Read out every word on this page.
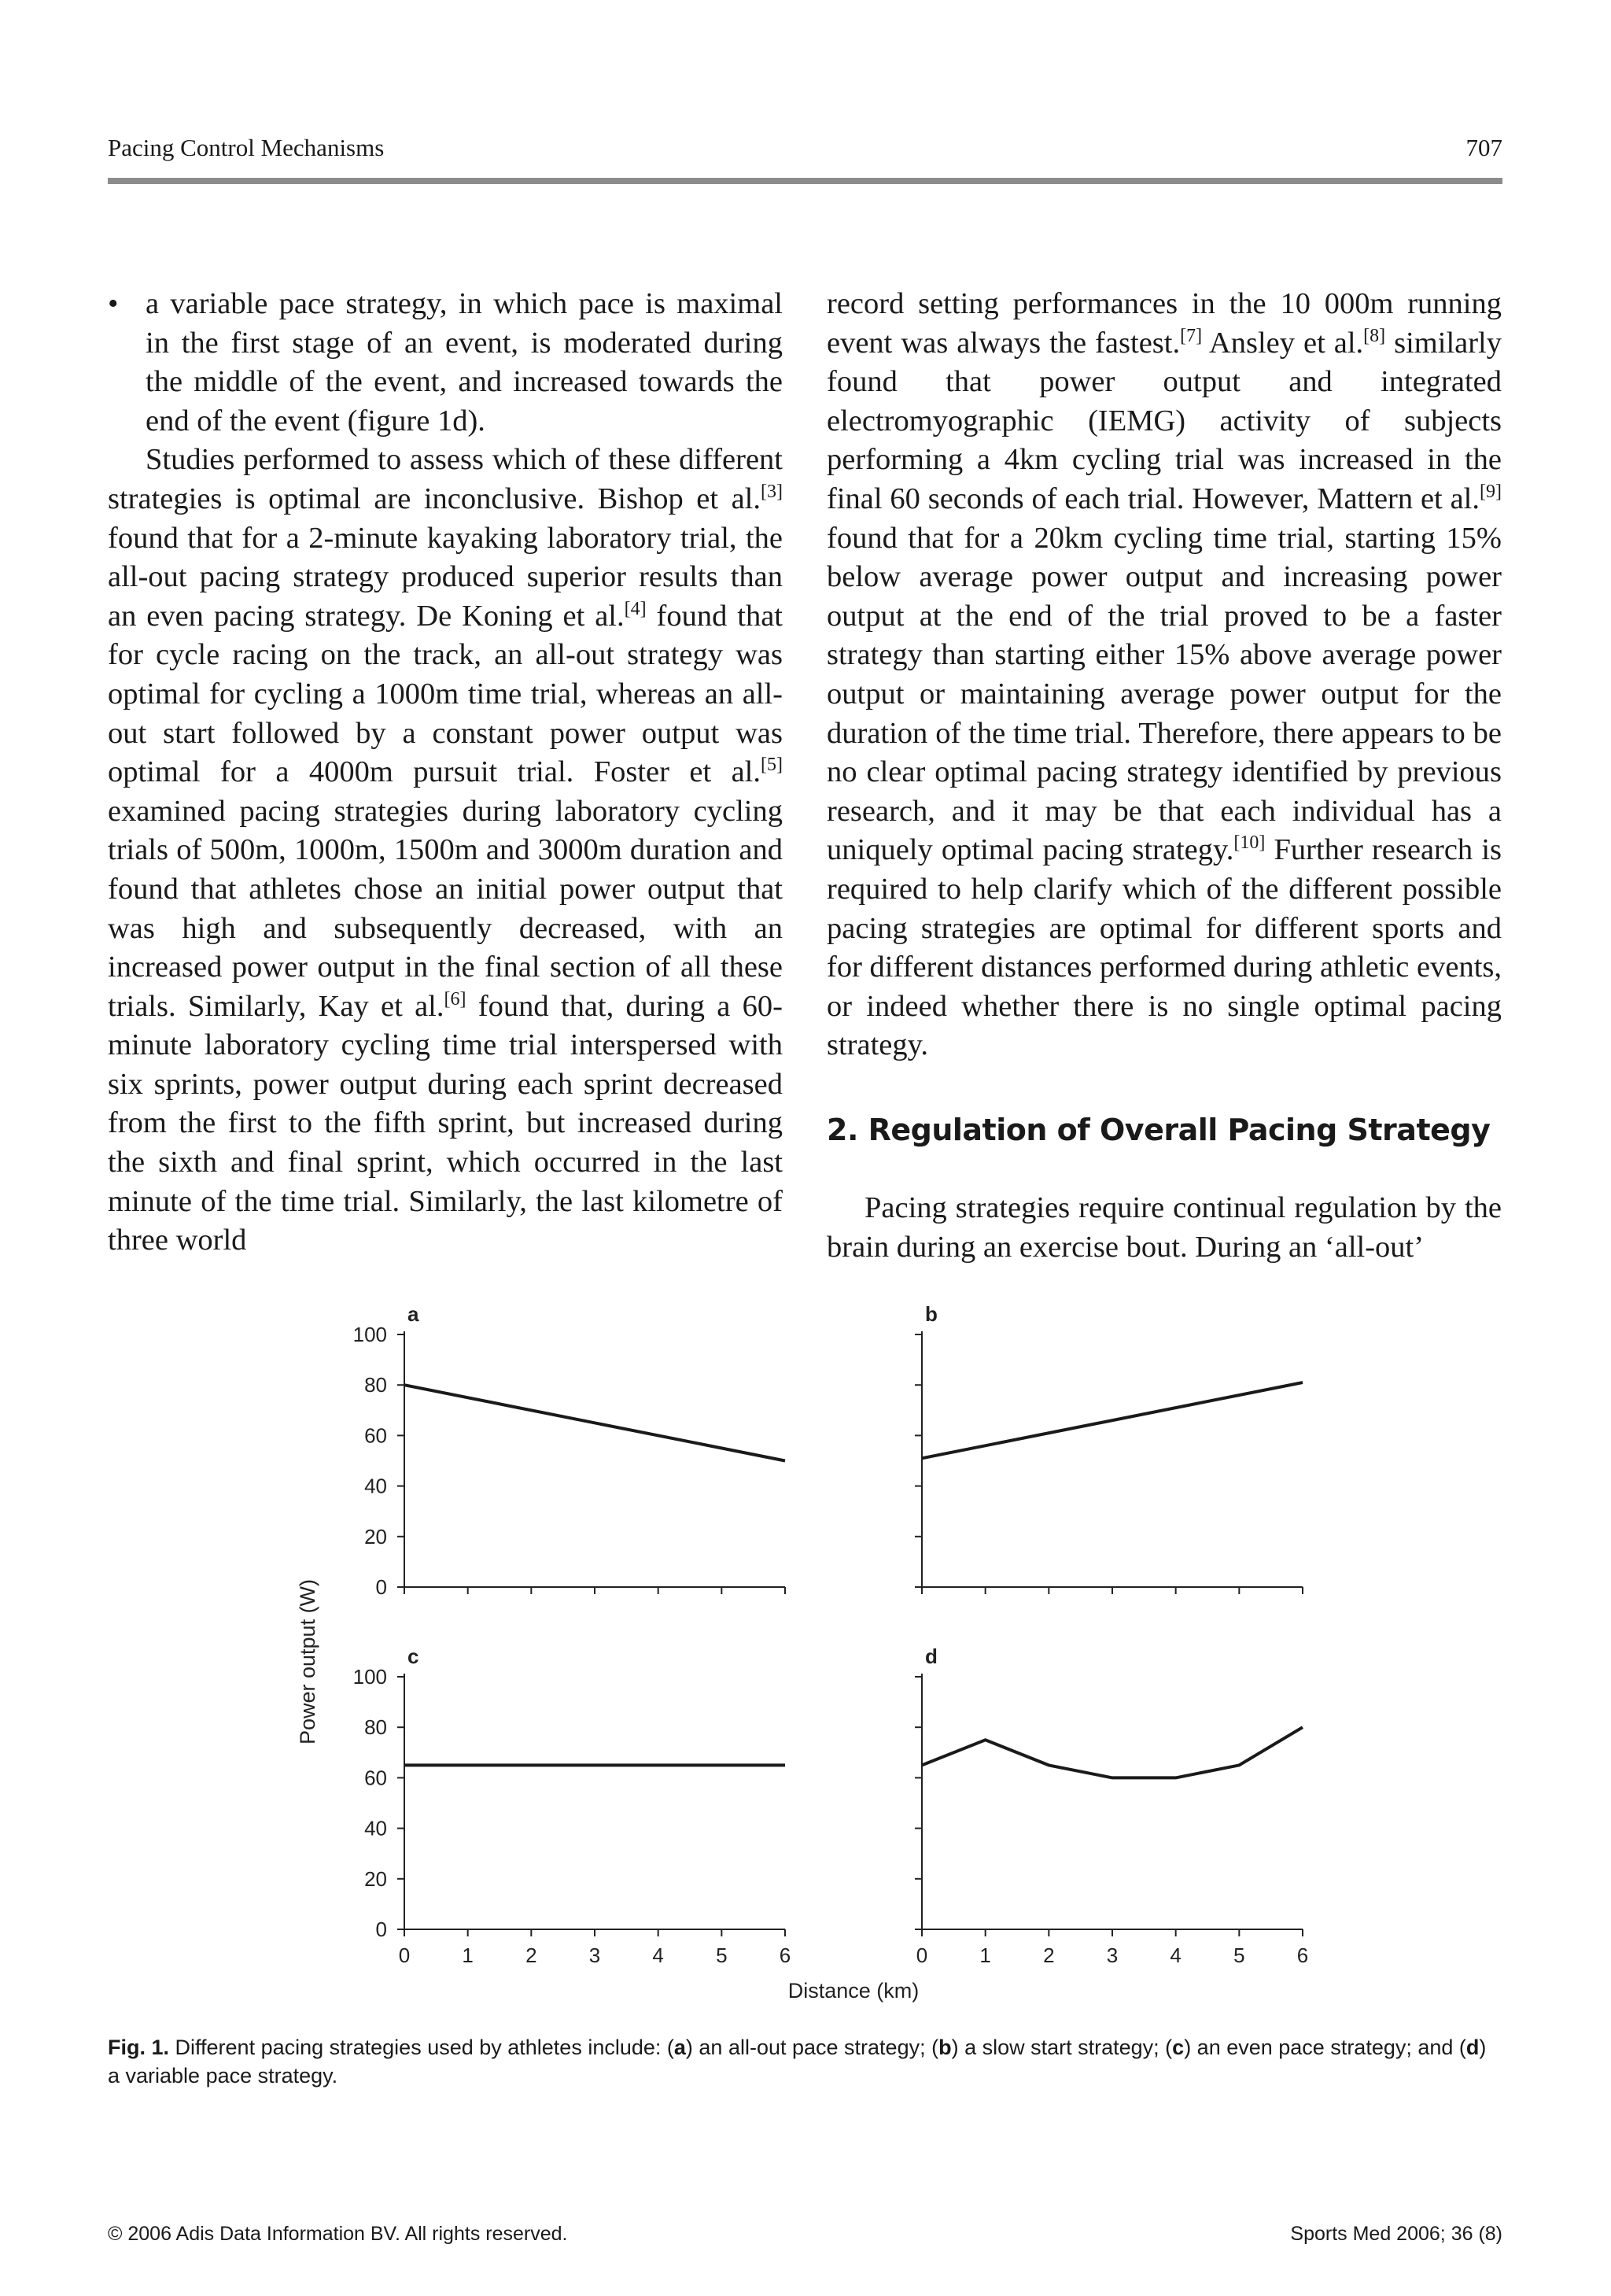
Pacing Control Mechanisms	707

• a variable pace strategy, in which pace is maximal in the first stage of an event, is moderated during the middle of the event, and increased towards the end of the event (figure 1d).

Studies performed to assess which of these different strategies is optimal are inconclusive. Bishop et al.[3] found that for a 2-minute kayaking laboratory trial, the all-out pacing strategy produced superior results than an even pacing strategy. De Koning et al.[4] found that for cycle racing on the track, an all-out strategy was optimal for cycling a 1000m time trial, whereas an all-out start followed by a constant power output was optimal for a 4000m pursuit trial. Foster et al.[5] examined pacing strategies during laboratory cycling trials of 500m, 1000m, 1500m and 3000m duration and found that athletes chose an initial power output that was high and subsequently decreased, with an increased power output in the final section of all these trials. Similarly, Kay et al.[6] found that, during a 60-minute laboratory cycling time trial interspersed with six sprints, power output during each sprint decreased from the first to the fifth sprint, but increased during the sixth and final sprint, which occurred in the last minute of the time trial. Similarly, the last kilometre of three world

record setting performances in the 10 000m running event was always the fastest.[7] Ansley et al.[8] similarly found that power output and integrated electromyographic (IEMG) activity of subjects performing a 4km cycling trial was increased in the final 60 seconds of each trial. However, Mattern et al.[9] found that for a 20km cycling time trial, starting 15% below average power output and increasing power output at the end of the trial proved to be a faster strategy than starting either 15% above average power output or maintaining average power output for the duration of the time trial. Therefore, there appears to be no clear optimal pacing strategy identified by previous research, and it may be that each individual has a uniquely optimal pacing strategy.[10] Further research is required to help clarify which of the different possible pacing strategies are optimal for different sports and for different distances performed during athletic events, or indeed whether there is no single optimal pacing strategy.

2. Regulation of Overall Pacing Strategy

Pacing strategies require continual regulation by the brain during an exercise bout. During an ‘all-out’

0
20
40
60
80
100
a	b
0
20
40
60
80
100
0	1	2	3	4	5	6
c
0	1	2	3	4	5	6
d
Power output (W)
Distance (km)
Fig. 1. Different pacing strategies used by athletes include: (a) an all-out pace strategy; (b) a slow start strategy; (c) an even pace strategy; and (d) a variable pace strategy.
© 2006 Adis Data Information BV. All rights reserved.	Sports Med 2006; 36 (8)
